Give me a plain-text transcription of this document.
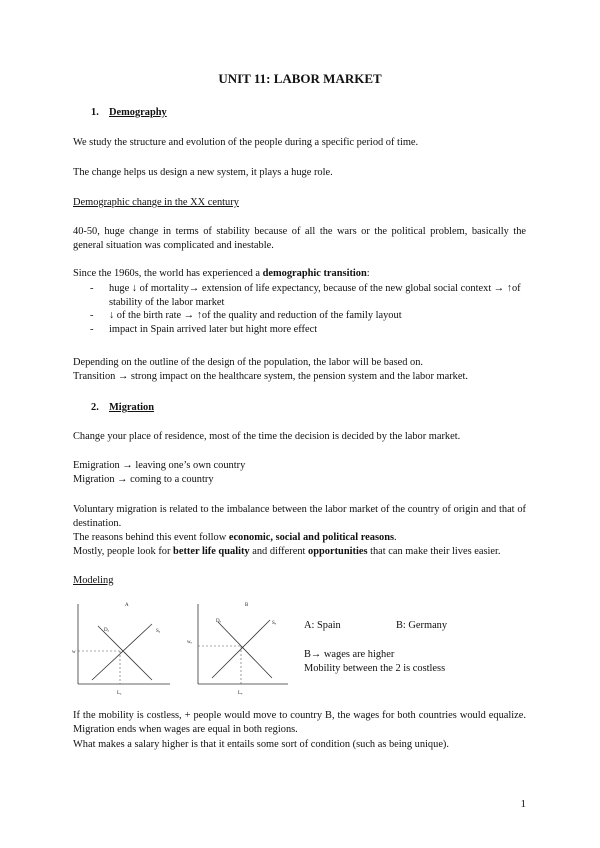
UNIT 11: LABOR MARKET
1. Demography
We study the structure and evolution of the people during a specific period of time.
The change helps us design a new system, it plays a huge role.
Demographic change in the XX century
40-50, huge change in terms of stability because of all the wars or the political problem, basically the general situation was complicated and inestable.
Since the 1960s, the world has experienced a demographic transition:
- huge ↓ of mortality→ extension of life expectancy, because of the new global social context → ↑of stability of the labor market
- ↓ of the birth rate → ↑of the quality and reduction of the family layout
- impact in Spain arrived later but hight more effect
Depending on the outline of the design of the population, the labor will be based on.
Transition → strong impact on the healthcare system, the pension system and the labor market.
2. Migration
Change your place of residence, most of the time the decision is decided by the labor market.
Emigration → leaving one’s own country
Migration → coming to a country
Voluntary migration is related to the imbalance between the labor market of the country of origin and that of destination.
The reasons behind this event follow economic, social and political reasons.
Mostly, people look for better life quality and different opportunities that can make their lives easier.
Modeling
A
Dₐ	Sₐ
w
Lₐ
B
Dₑ	Sₑ
wₑ
Lₑ
A: Spain	B: Germany
B→ wages are higher
Mobility between the 2 is costless
If the mobility is costless, + people would move to country B, the wages for both countries would equalize. Migration ends when wages are equal in both regions.
What makes a salary higher is that it entails some sort of condition (such as being unique).
1
